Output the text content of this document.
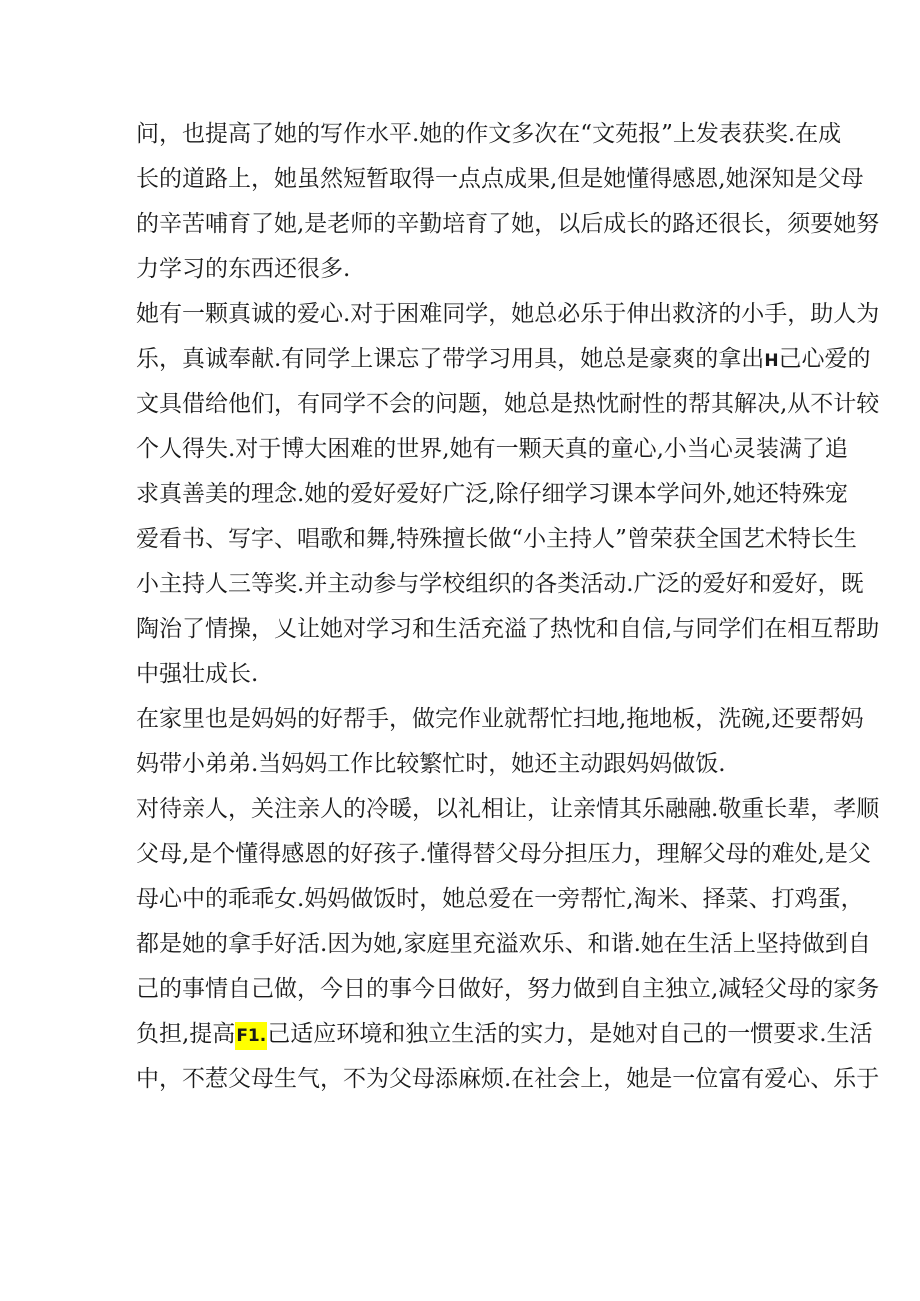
问，也提高了她的写作水平.她的作文多次在“文苑报”上发表获奖.在成
长的道路上，她虽然短暂取得一点点成果,但是她懂得感恩,她深知是父母
的辛苦哺育了她,是老师的辛勤培育了她，以后成长的路还很长，须要她努
力学习的东西还很多.
她有一颗真诚的爱心.对于困难同学，她总必乐于伸出救济的小手，助人为
乐，真诚奉献.有同学上课忘了带学习用具，她总是豪爽的拿出H己心爱的
文具借给他们，有同学不会的问题，她总是热忱耐性的帮其解决,从不计较
个人得失.对于博大困难的世界,她有一颗天真的童心,小当心灵装满了追
求真善美的理念.她的爱好爱好广泛,除仔细学习课本学问外,她还特殊宠
爱看书、写字、唱歌和舞,特殊擅长做“小主持人”曾荣获全国艺术特长生
小主持人三等奖.并主动参与学校组织的各类活动.广泛的爱好和爱好，既
陶治了情操，乂让她对学习和生活充溢了热忱和自信,与同学们在相互帮助
中强壮成长.
在家里也是妈妈的好帮手，做完作业就帮忙扫地,拖地板，洗碗,还要帮妈
妈带小弟弟.当妈妈工作比较繁忙时，她还主动跟妈妈做饭.
对待亲人，关注亲人的冷暖，以礼相让，让亲情其乐融融.敬重长辈，孝顺
父母,是个懂得感恩的好孩子.懂得替父母分担压力，理解父母的难处,是父
母心中的乖乖女.妈妈做饭时，她总爱在一旁帮忙,淘米、择菜、打鸡蛋，
都是她的拿手好活.因为她,家庭里充溢欢乐、和谐.她在生活上坚持做到自
己的事情自己做，今日的事今日做好，努力做到自主独立,减轻父母的家务
负担,提高F1.己适应环境和独立生活的实力，是她对自己的一惯要求.生活
中，不惹父母生气，不为父母添麻烦.在社会上，她是一位富有爱心、乐于
